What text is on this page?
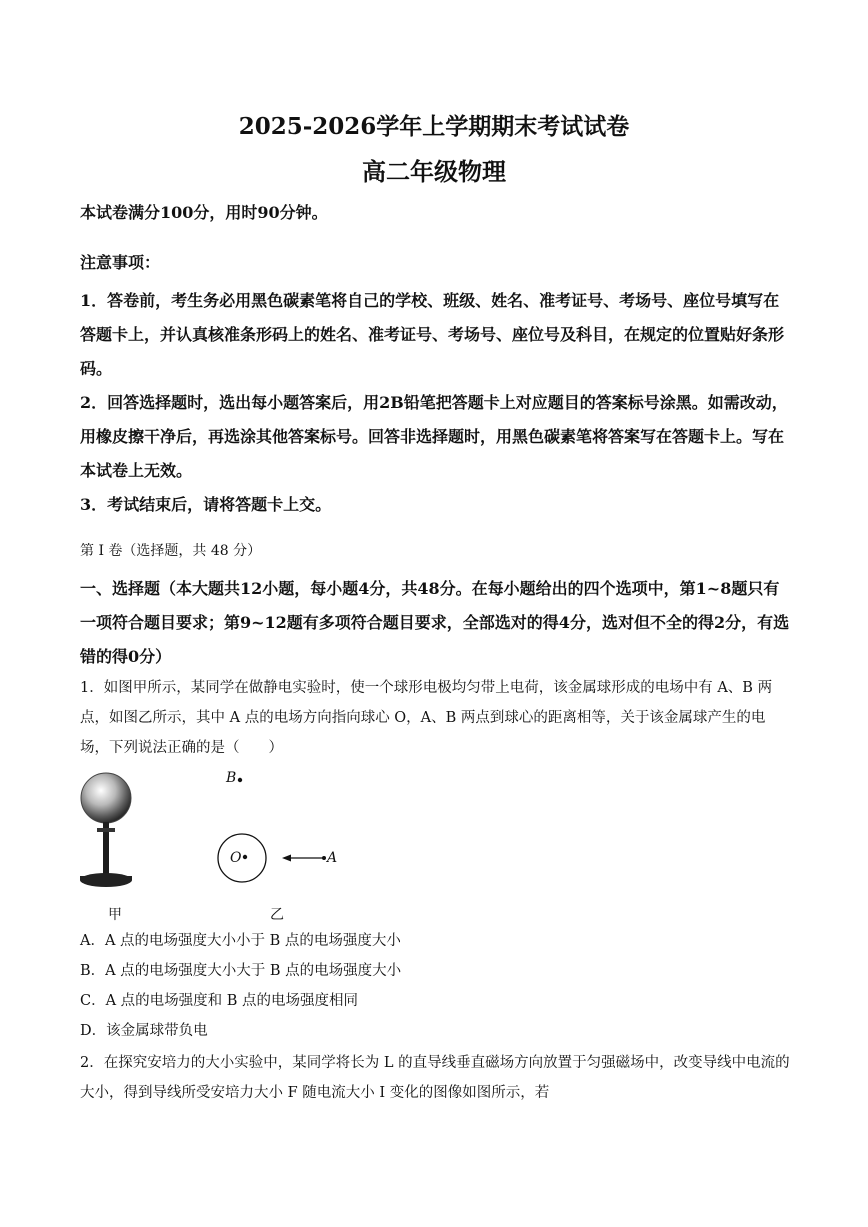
2025-2026学年上学期期末考试试卷
高二年级物理
本试卷满分100分，用时90分钟。
注意事项：

1．答卷前，考生务必用黑色碳素笔将自己的学校、班级、姓名、准考证号、考场号、座位号填写在答题卡上，并认真核准条形码上的姓名、准考证号、考场号、座位号及科目，在规定的位置贴好条形码。

2．回答选择题时，选出每小题答案后，用2B铅笔把答题卡上对应题目的答案标号涂黑。如需改动，用橡皮擦干净后，再选涂其他答案标号。回答非选择题时，用黑色碳素笔将答案写在答题卡上。写在本试卷上无效。

3．考试结束后，请将答题卡上交。

第 I 卷（选择题，共 48 分）
一、选择题（本大题共12小题，每小题4分，共48分。在每小题给出的四个选项中，第1~8题只有一项符合题目要求；第9~12题有多项符合题目要求，全部选对的得4分，选对但不全的得2分，有选错的得0分）
1．如图甲所示，某同学在做静电实验时，使一个球形电极均匀带上电荷，该金属球形成的电场中有 A、B 两点，如图乙所示，其中 A 点的电场方向指向球心 O，A、B 两点到球心的距离相等，关于该金属球产生的电场，下列说法正确的是（　　）
B
O	A
甲	乙
A．A 点的电场强度大小小于 B 点的电场强度大小
B．A 点的电场强度大小大于 B 点的电场强度大小
C．A 点的电场强度和 B 点的电场强度相同
D．该金属球带负电
2．在探究安培力的大小实验中，某同学将长为 L 的直导线垂直磁场方向放置于匀强磁场中，改变导线中电流的大小，得到导线所受安培力大小 F 随电流大小 I 变化的图像如图所示，若
